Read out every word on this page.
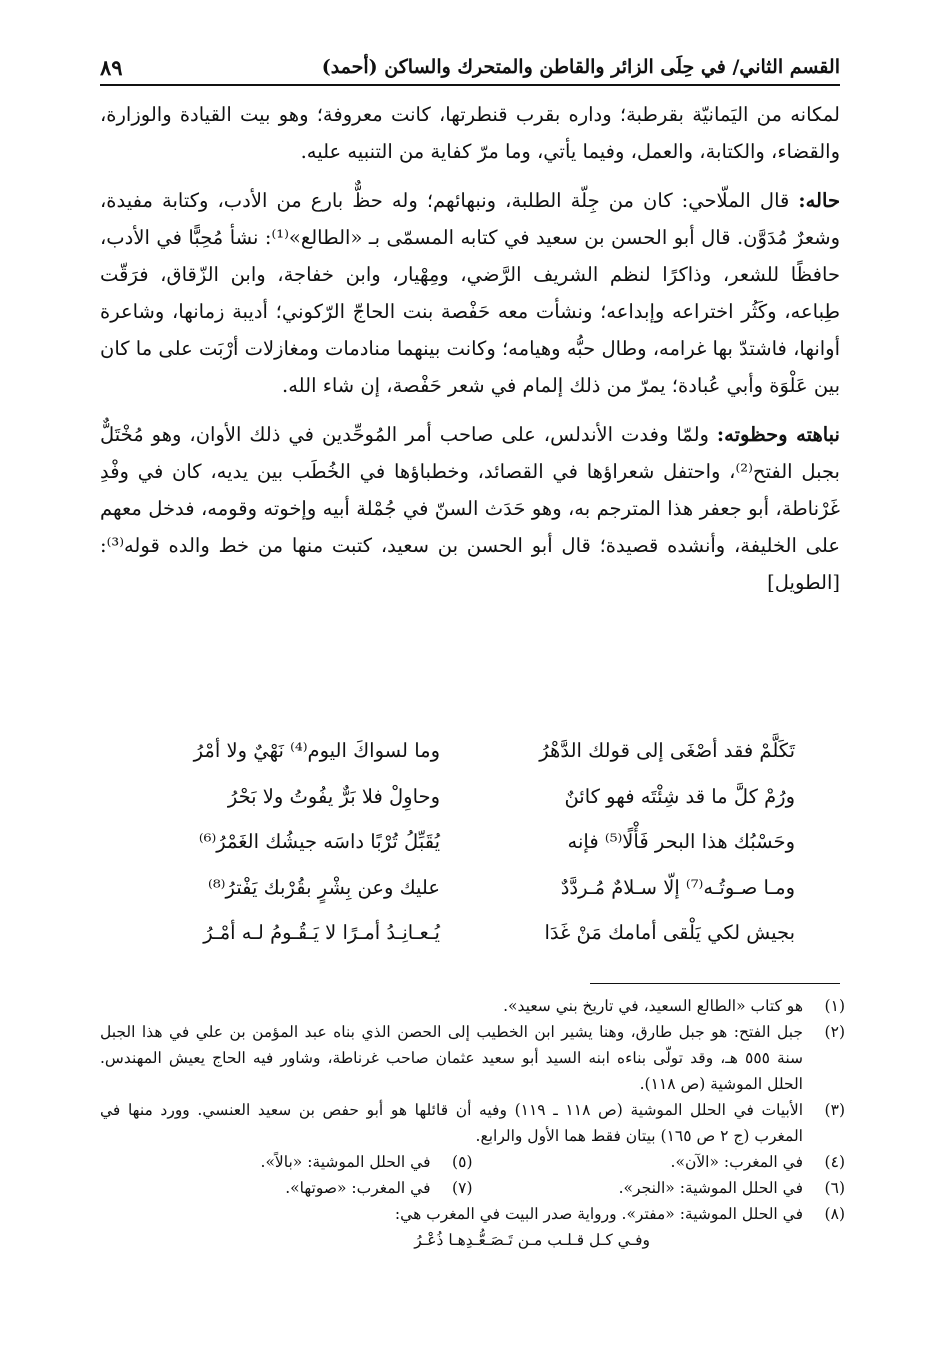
القسم الثاني/ في حِلَى الزائر والقاطن والمتحرك والساكن (أحمد)
٨٩

لمكانه من اليَمانيّة بقرطبة؛ وداره بقرب قنطرتها، كانت معروفة؛ وهو بيت القيادة والوزارة، والقضاء، والكتابة، والعمل، وفيما يأتي، وما مرّ كفاية من التنبيه عليه.

حاله: قال الملّاحي: كان من جِلّة الطلبة، ونبهائهم؛ وله حظٌّ بارع من الأدب، وكتابة مفيدة، وشعرٌ مُدَوَّن. قال أبو الحسن بن سعيد في كتابه المسمّى بـ «الطالع»⁽¹⁾: نشأ مُحِبًّا في الأدب، حافظًا للشعر، وذاكرًا لنظم الشريف الرَّضي، ومِهْيار، وابن خفاجة، وابن الزّقاق، فرَقّت طِباعه، وكَثُر اختراعه وإبداعه؛ ونشأت معه حَفْصة بنت الحاجّ الرّكوني؛ أديبة زمانها، وشاعرة أوانها، فاشتدّ بها غرامه، وطال حبُّه وهيامه؛ وكانت بينهما منادمات ومغازلات أرْبَت على ما كان بين عَلْوَة وأبي عُبادة؛ يمرّ من ذلك إلمام في شعر حَفْصة، إن شاء الله.

نباهته وحظوته: ولمّا وفدت الأندلس، على صاحب أمر المُوحِّدين في ذلك الأوان، وهو مُخْتَلٌّ بجبل الفتح⁽²⁾، واحتفل شعراؤها في القصائد، وخطباؤها في الخُطَب بين يديه، كان في وفْدِ غَرْناطة، أبو جعفر هذا المترجم به، وهو حَدَث السنّ في جُمْلة أبيه وإخوته وقومه، فدخل معهم على الخليفة، وأنشده قصيدة؛ قال أبو الحسن بن سعيد، كتبت منها من خط والده قوله⁽³⁾: [الطويل]

تَكَلَّمْ فقد أصْغَى إلى قولك الدَّهْرُ
وما لسواكَ اليوم⁽⁴⁾ نَهْيٌ ولا أمْرُ
ورُمْ كلَّ ما قد شِئْتَه فهو كائنٌ
وحاوِلْ فلا بَرٌّ يفُوتُ ولا بَحْرُ
وحَسْبُك هذا البحر فَأْلًا⁽⁵⁾ فإنه
يُقَبِّلُ تُرْبًا داسَه جيشُك الغَمْرُ⁽⁶⁾
ومـا صـوتُـه⁽⁷⁾ إلّا سـلامٌ مُـردَّدٌ
عليك وعن بِشْرٍ بقُرْبك يَفْترُ⁽⁸⁾
بجيش لكي يَلْقى أمامك مَنْ غَدَا
يُـعـانِـدُ أمـرًا لا يَـقُـومُ لـه أمْـرُ
(١)
هو كتاب «الطالع السعيد، في تاريخ بني سعيد».
(٢)
جبل الفتح: هو جبل طارق، وهنا يشير ابن الخطيب إلى الحصن الذي بناه عبد المؤمن بن علي في هذا الجبل سنة ٥٥٥ هـ، وقد تولّى بناءه ابنه السيد أبو سعيد عثمان صاحب غرناطة، وشاور فيه الحاج يعيش المهندس. الحلل الموشية (ص ١١٨).
(٣)
الأبيات في الحلل الموشية (ص ١١٨ ـ ١١٩) وفيه أن قائلها هو أبو حفص بن سعيد العنسي. وورد منها في المغرب (ج ٢ ص ١٦٥) بيتان فقط هما الأول والرابع.
(٤)
في المغرب: «الآن».
(٥)
في الحلل الموشية: «بالاً».
(٦)
في الحلل الموشية: «النجر».
(٧)
في المغرب: «صوتها».
(٨)
في الحلل الموشية: «مفتر». ورواية صدر البيت في المغرب هي:
وفـي كـل قـلـب مـن تَـصَـعُّـدِهـا ذُعْـرُ
